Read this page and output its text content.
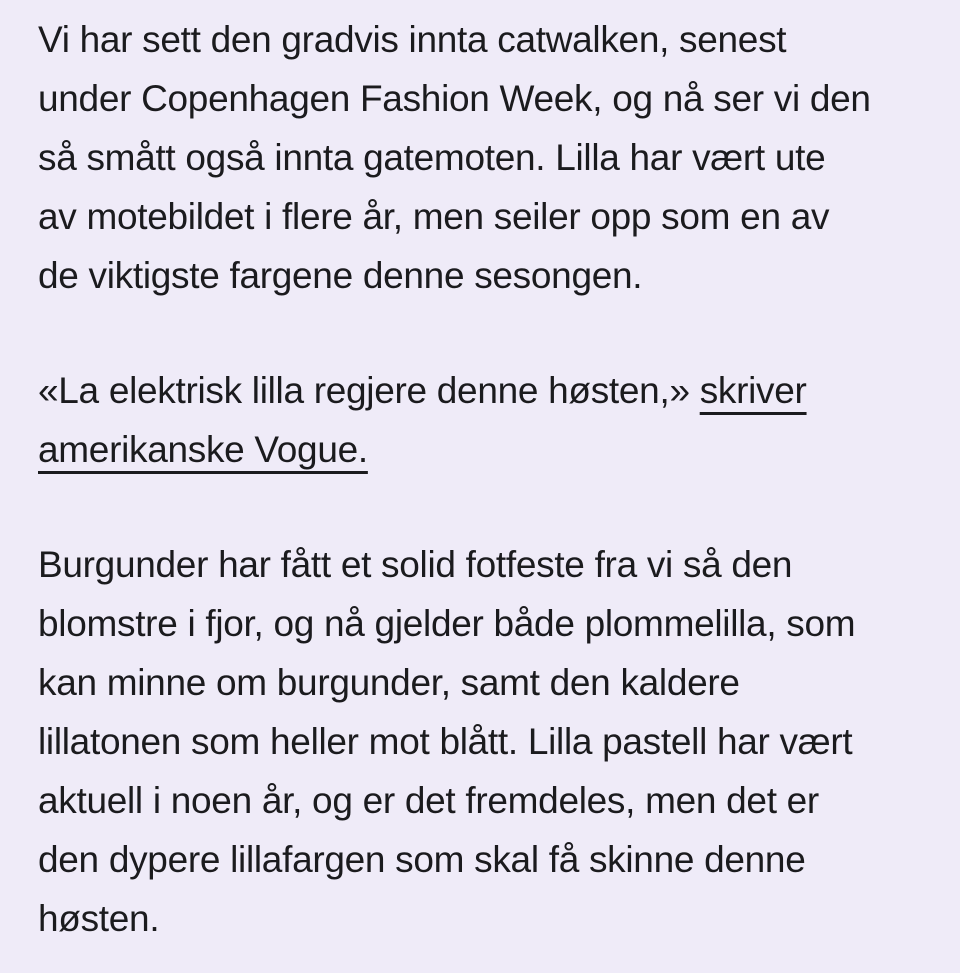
Vi har sett den gradvis innta catwalken, senest
under Copenhagen Fashion Week, og nå ser vi den
så smått også innta gatemoten. Lilla har vært ute
av motebildet i flere år, men seiler opp som en av
de viktigste fargene denne sesongen.

«La elektrisk lilla regjere denne høsten,» skriver
amerikanske Vogue.

Burgunder har fått et solid fotfeste fra vi så den
blomstre i fjor, og nå gjelder både plommelilla, som
kan minne om burgunder, samt den kaldere
lillatonen som heller mot blått. Lilla pastell har vært
aktuell i noen år, og er det fremdeles, men det er
den dypere lillafargen som skal få skinne denne
høsten.
